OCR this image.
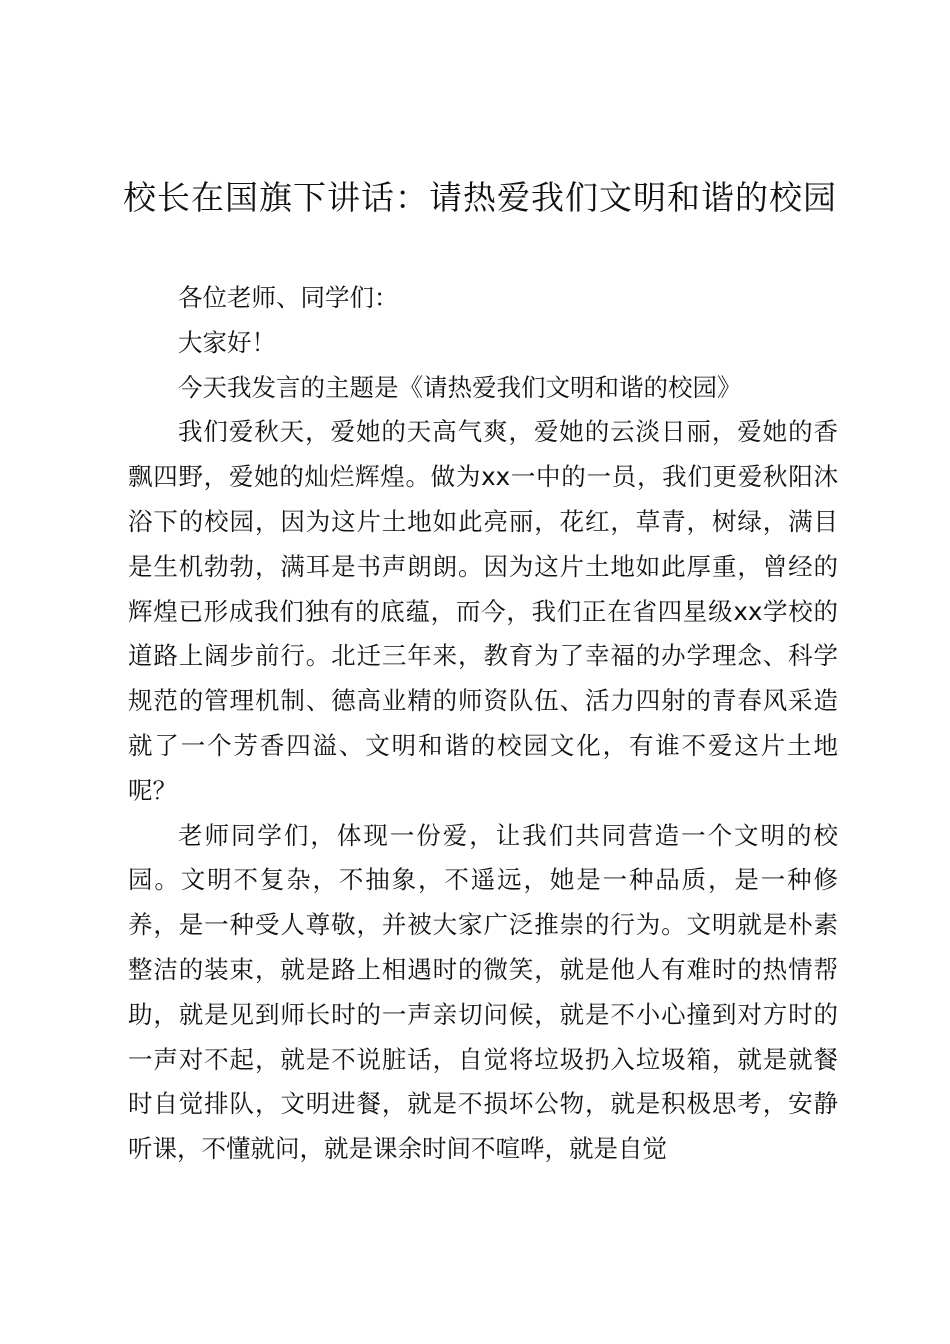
校长在国旗下讲话：请热爱我们文明和谐的校园

各位老师、同学们：

大家好！

今天我发言的主题是《请热爱我们文明和谐的校园》

我们爱秋天，爱她的天高气爽，爱她的云淡日丽，爱她的香飘四野，爱她的灿烂辉煌。做为xx一中的一员，我们更爱秋阳沐浴下的校园，因为这片土地如此亮丽，花红，草青，树绿，满目是生机勃勃，满耳是书声朗朗。因为这片土地如此厚重，曾经的辉煌已形成我们独有的底蕴，而今，我们正在省四星级xx学校的道路上阔步前行。北迁三年来，教育为了幸福的办学理念、科学规范的管理机制、德高业精的师资队伍、活力四射的青春风采造就了一个芳香四溢、文明和谐的校园文化，有谁不爱这片土地呢？

老师同学们，体现一份爱，让我们共同营造一个文明的校园。文明不复杂，不抽象，不遥远，她是一种品质，是一种修养，是一种受人尊敬，并被大家广泛推崇的行为。文明就是朴素整洁的装束，就是路上相遇时的微笑，就是他人有难时的热情帮助，就是见到师长时的一声亲切问候，就是不小心撞到对方时的一声对不起，就是不说脏话，自觉将垃圾扔入垃圾箱，就是就餐时自觉排队，文明进餐，就是不损坏公物，就是积极思考，安静听课，不懂就问，就是课余时间不喧哗，就是自觉
